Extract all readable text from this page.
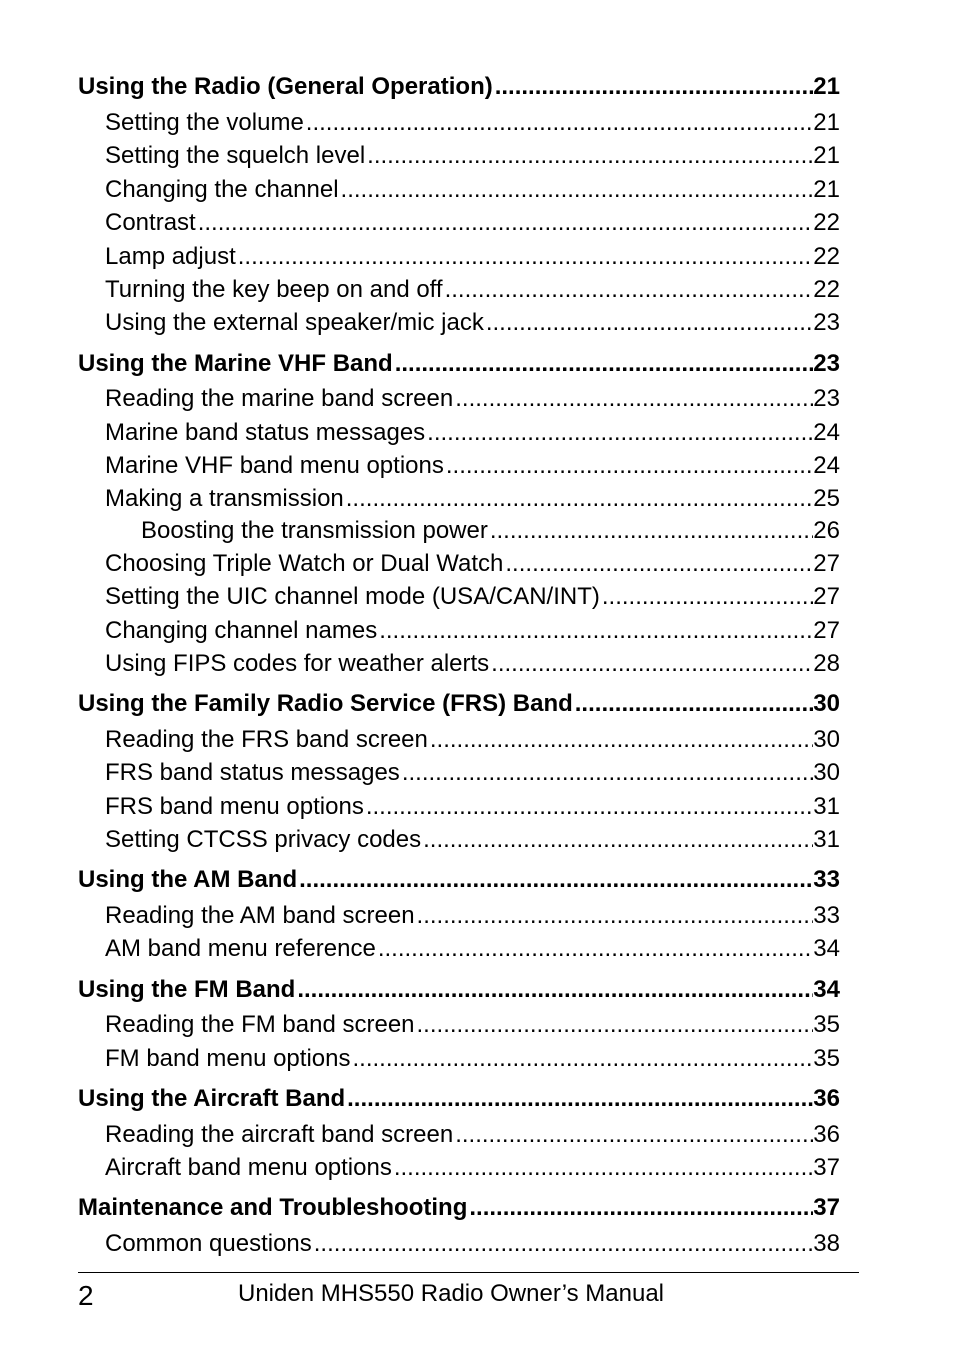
Using the Radio (General Operation) .....	21
Setting the volume .....	21
Setting the squelch level .....	21
Changing the channel .....	21
Contrast .....	22
Lamp adjust .....	22
Turning the key beep on and off .....	22
Using the external speaker/mic jack .....	23
Using the Marine VHF Band .....	23
Reading the marine band screen .....	23
Marine band status messages .....	24
Marine VHF band menu options .....	24
Making a transmission .....	25
Boosting the transmission power .....	26
Choosing Triple Watch or Dual Watch .....	27
Setting the UIC channel mode (USA/CAN/INT) .....	27
Changing channel names .....	27
Using FIPS codes for weather alerts .....	28
Using the Family Radio Service (FRS) Band .....	30
Reading the FRS band screen .....	30
FRS band status messages .....	30
FRS band menu options .....	31
Setting CTCSS privacy codes .....	31
Using the AM Band .....	33
Reading the AM band screen .....	33
AM band menu reference .....	34
Using the FM Band .....	34
Reading the FM band screen .....	35
FM band menu options .....	35
Using the Aircraft Band .....	36
Reading the aircraft band screen .....	36
Aircraft band menu options .....	37
Maintenance and Troubleshooting .....	37
Common questions .....	38
2	Uniden MHS550 Radio Owner’s Manual
